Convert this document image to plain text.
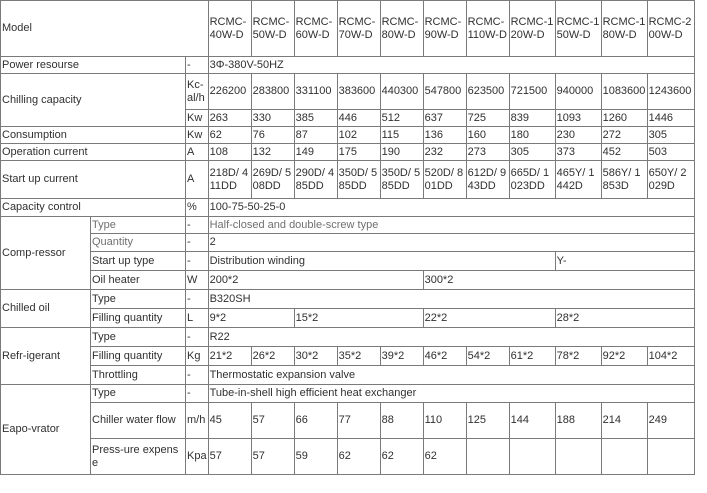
Model			RCMC-40W-D	RCMC-50W-D	RCMC-60W-D	RCMC-70W-D	RCMC-80W-D	RCMC-90W-D	RCMC-110W-D	RCMC-120W-D	RCMC-150W-D	RCMC-180W-D	RCMC-200W-D
Power resourse		-	3Φ-380V-50HZ										
Chilling capacity		Kc-al/h	226200	283800	331100	383600	440300	547800	623500	721500	940000	1083600	1243600
		Kw	263	330	385	446	512	637	725	839	1093	1260	1446
Consumption		Kw	62	76	87	102	115	136	160	180	230	272	305
Operation current		A	108	132	149	175	190	232	273	305	373	452	503
Start up current		A	218D/ 411DD	269D/ 508DD	290D/ 485DD	350D/ 585DD	350D/ 585DD	520D/ 801DD	612D/ 943DD	665D/ 1023DD	465Y/ 1442D	586Y/ 1853D	650Y/ 2029D
Capacity control		%	100-75-50-25-0										
Comp-ressor	Type	-	Half-closed and double-screw type										
	Quantity	-	2										
	Start up type	-	Distribution winding								Y-		
	Oil heater	W	200*2					300*2					
Chilled oil	Type	-	B320SH										
	Filling quantity	L	9*2		15*2			22*2			28*2		
Refr-igerant	Type	-	R22										
	Filling quantity	Kg	21*2	26*2	30*2	35*2	39*2	46*2	54*2	61*2	78*2	92*2	104*2
	Throttling	-	Thermostatic expansion valve										
Eapo-vrator	Type	-	Tube-in-shell high efficient heat exchanger										
	Chiller water flow	m/h	45	57	66	77	88	110	125	144	188	214	249
	Press-ure expense	Kpa	57	57	59	62	62	62					
